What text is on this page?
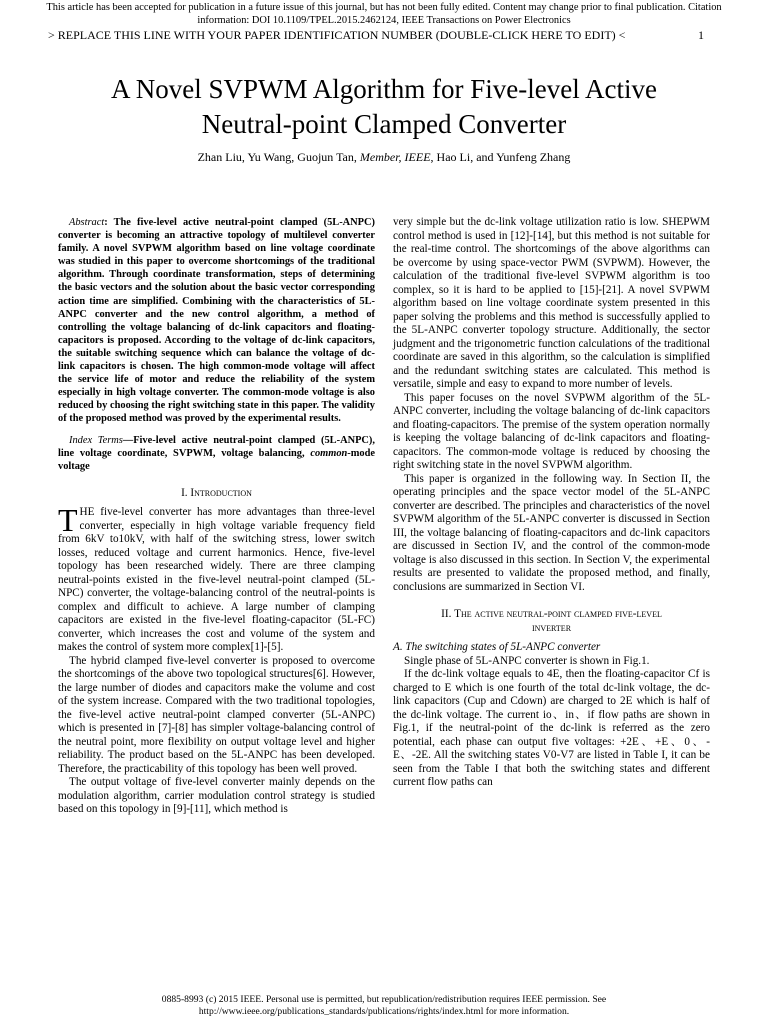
This article has been accepted for publication in a future issue of this journal, but has not been fully edited. Content may change prior to final publication. Citation information: DOI 10.1109/TPEL.2015.2462124, IEEE Transactions on Power Electronics
> REPLACE THIS LINE WITH YOUR PAPER IDENTIFICATION NUMBER (DOUBLE-CLICK HERE TO EDIT) <	1
A Novel SVPWM Algorithm for Five-level Active
Neutral-point Clamped Converter
Zhan Liu, Yu Wang, Guojun Tan, Member, IEEE, Hao Li, and Yunfeng Zhang

Abstract: The five-level active neutral-point clamped (5L-ANPC) converter is becoming an attractive topology of multilevel converter family. A novel SVPWM algorithm based on line voltage coordinate was studied in this paper to overcome shortcomings of the traditional algorithm. Through coordinate transformation, steps of determining the basic vectors and the solution about the basic vector corresponding action time are simplified. Combining with the characteristics of 5L-ANPC converter and the new control algorithm, a method of controlling the voltage balancing of dc-link capacitors and floating-capacitors is proposed. According to the voltage of dc-link capacitors, the suitable switching sequence which can balance the voltage of dc-link capacitors is chosen. The high common-mode voltage will affect the service life of motor and reduce the reliability of the system especially in high voltage converter. The common-mode voltage is also reduced by choosing the right switching state in this paper. The validity of the proposed method was proved by the experimental results.

Index Terms—Five-level active neutral-point clamped (5L-ANPC), line voltage coordinate, SVPWM, voltage balancing, common-mode voltage

I. Introduction

THE five-level converter has more advantages than three-level converter, especially in high voltage variable frequency field from 6kV to10kV, with half of the switching stress, lower switch losses, reduced voltage and current harmonics. Hence, five-level topology has been researched widely. There are three clamping neutral-points existed in the five-level neutral-point clamped (5L-NPC) converter, the voltage-balancing control of the neutral-points is complex and difficult to achieve. A large number of clamping capacitors are existed in the five-level floating-capacitor (5L-FC) converter, which increases the cost and volume of the system and makes the control of system more complex[1]-[5].

The hybrid clamped five-level converter is proposed to overcome the shortcomings of the above two topological structures[6]. However, the large number of diodes and capacitors make the volume and cost of the system increase. Compared with the two traditional topologies, the five-level active neutral-point clamped converter (5L-ANPC) which is presented in [7]-[8] has simpler voltage-balancing control of the neutral point, more flexibility on output voltage level and higher reliability. The product based on the 5L-ANPC has been developed. Therefore, the practicability of this topology has been well proved.

The output voltage of five-level converter mainly depends on the modulation algorithm, carrier modulation control strategy is studied based on this topology in [9]-[11], which method is

very simple but the dc-link voltage utilization ratio is low. SHEPWM control method is used in [12]-[14], but this method is not suitable for the real-time control. The shortcomings of the above algorithms can be overcome by using space-vector PWM (SVPWM). However, the calculation of the traditional five-level SVPWM algorithm is too complex, so it is hard to be applied to [15]-[21]. A novel SVPWM algorithm based on line voltage coordinate system presented in this paper solving the problems and this method is successfully applied to the 5L-ANPC converter topology structure. Additionally, the sector judgment and the trigonometric function calculations of the traditional coordinate are saved in this algorithm, so the calculation is simplified and the redundant switching states are calculated. This method is versatile, simple and easy to expand to more number of levels.

This paper focuses on the novel SVPWM algorithm of the 5L-ANPC converter, including the voltage balancing of dc-link capacitors and floating-capacitors. The premise of the system operation normally is keeping the voltage balancing of dc-link capacitors and floating-capacitors. The common-mode voltage is reduced by choosing the right switching state in the novel SVPWM algorithm.

This paper is organized in the following way. In Section II, the operating principles and the space vector model of the 5L-ANPC converter are described. The principles and characteristics of the novel SVPWM algorithm of the 5L-ANPC converter is discussed in Section III, the voltage balancing of floating-capacitors and dc-link capacitors are discussed in Section IV, and the control of the common-mode voltage is also discussed in this section. In Section V, the experimental results are presented to validate the proposed method, and finally, conclusions are summarized in Section VI.

II. The active neutral-point clamped five-level
inverter

A. The switching states of 5L-ANPC converter

Single phase of 5L-ANPC converter is shown in Fig.1.

If the dc-link voltage equals to 4E, then the floating-capacitor Cf is charged to E which is one fourth of the total dc-link voltage, the dc-link capacitors (Cup and Cdown) are charged to 2E which is half of the dc-link voltage. The current io、in、if flow paths are shown in Fig.1, if the neutral-point of the dc-link is referred as the zero potential, each phase can output five voltages: +2E、+E、0、-E、-2E. All the switching states V0-V7 are listed in Table I, it can be seen from the Table I that both the switching states and different current flow paths can

0885-8993 (c) 2015 IEEE. Personal use is permitted, but republication/redistribution requires IEEE permission. See
http://www.ieee.org/publications_standards/publications/rights/index.html for more information.
